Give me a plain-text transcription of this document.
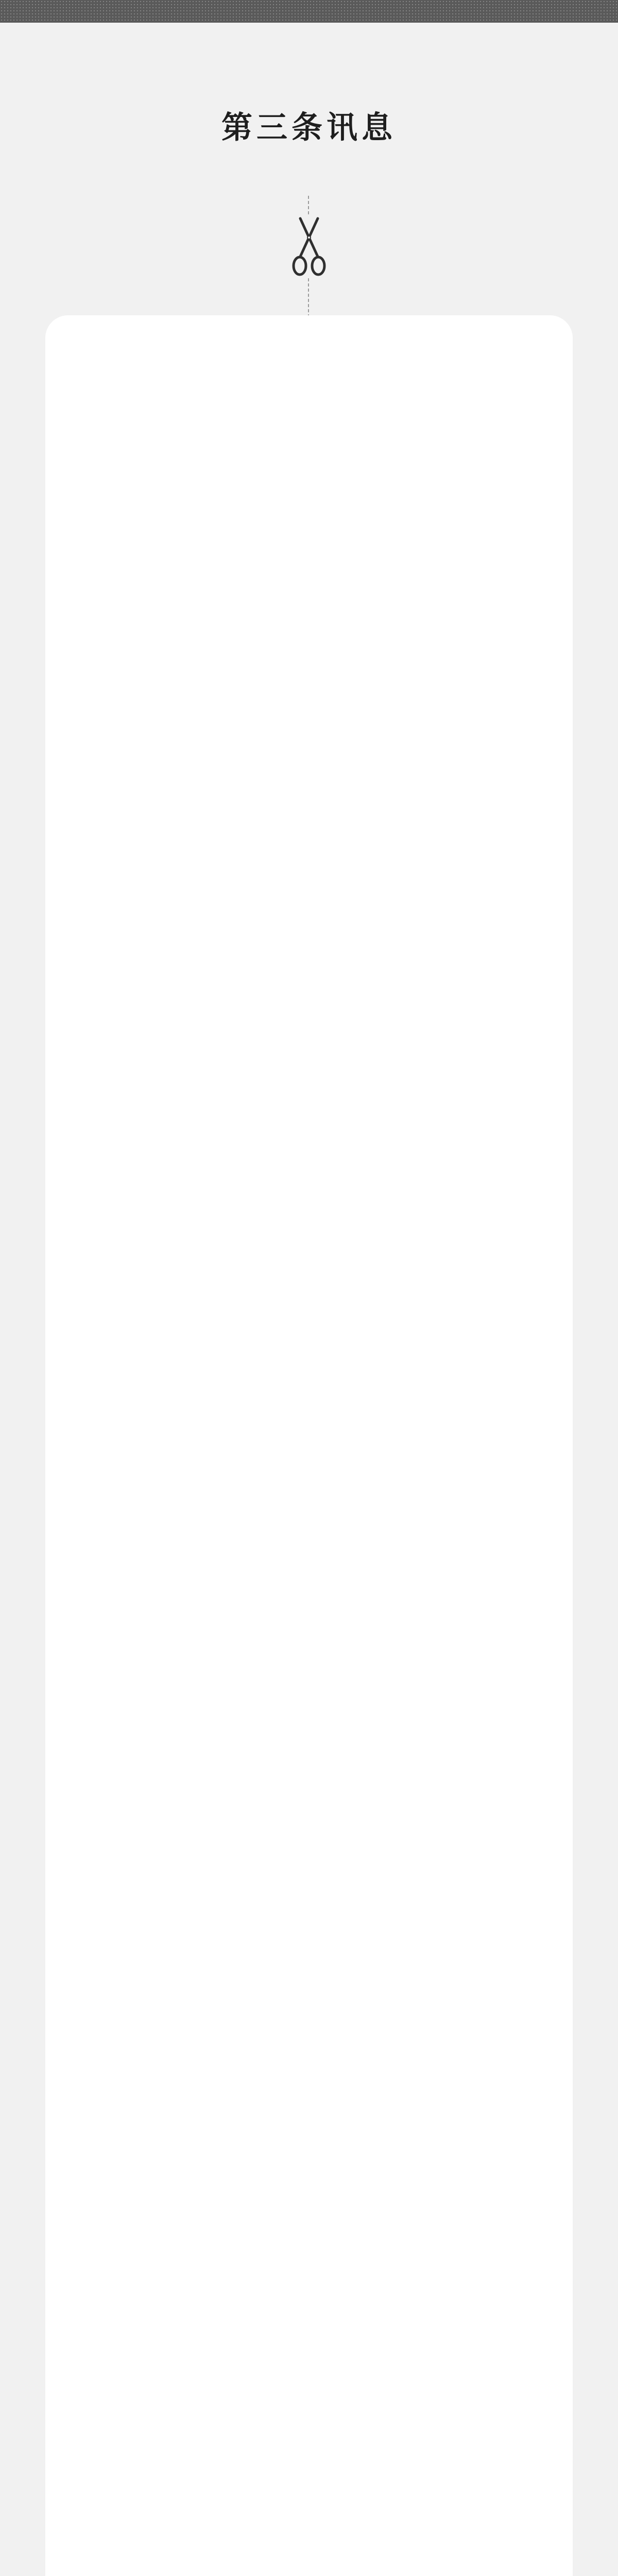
第三条讯息
